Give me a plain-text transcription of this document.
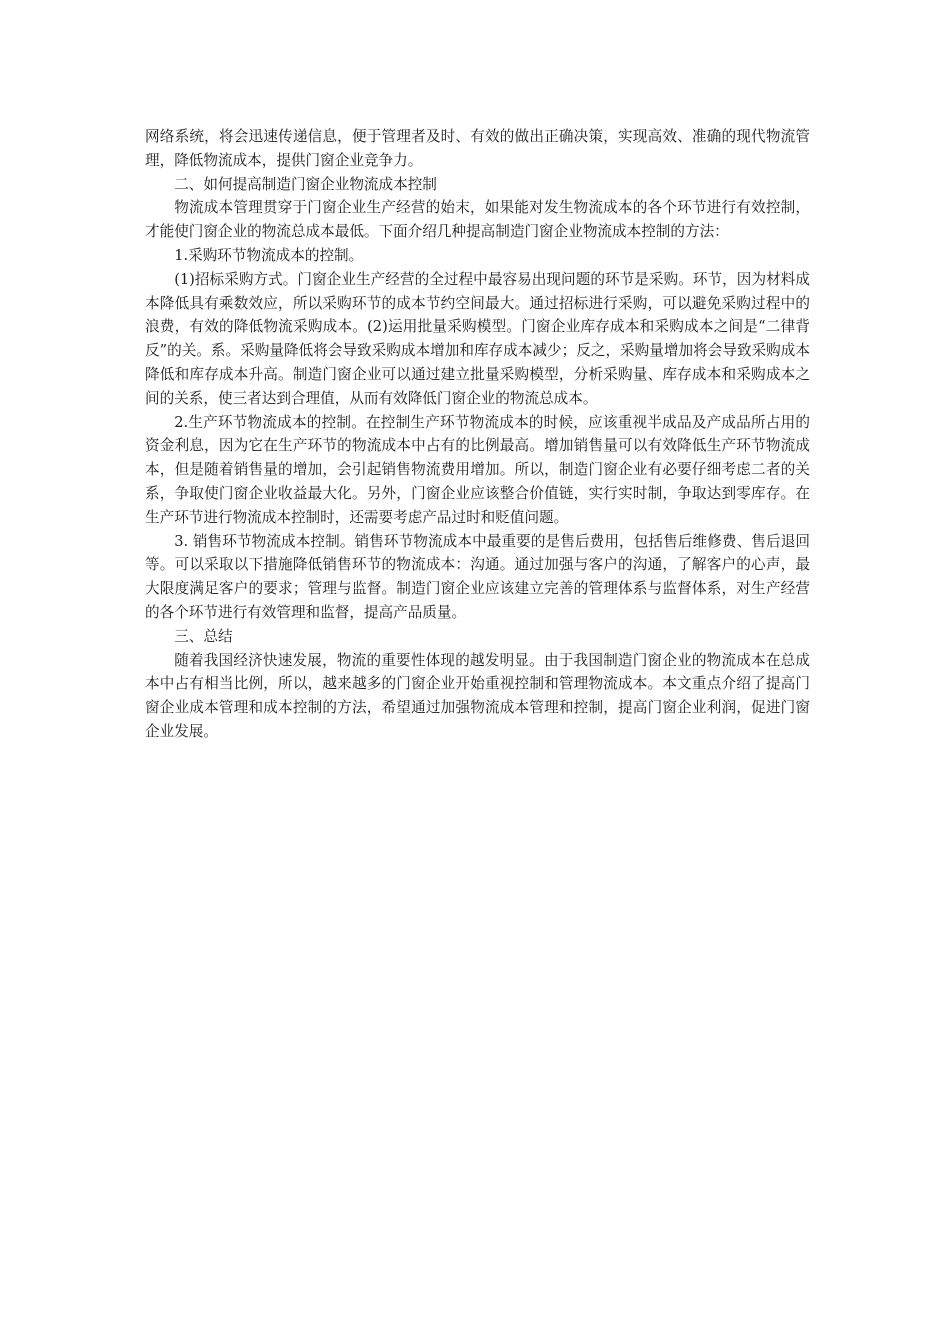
网络系统，将会迅速传递信息，便于管理者及时、有效的做出正确决策，实现高效、准确的现代物流管理，降低物流成本，提供门窗企业竞争力。

二、如何提高制造门窗企业物流成本控制

物流成本管理贯穿于门窗企业生产经营的始末，如果能对发生物流成本的各个环节进行有效控制，才能使门窗企业的物流总成本最低。下面介绍几种提高制造门窗企业物流成本控制的方法：

1.采购环节物流成本的控制。

(1)招标采购方式。门窗企业生产经营的全过程中最容易出现问题的环节是采购。环节，因为材料成本降低具有乘数效应，所以采购环节的成本节约空间最大。通过招标进行采购，可以避免采购过程中的浪费，有效的降低物流采购成本。(2)运用批量采购模型。门窗企业库存成本和采购成本之间是“二律背反”的关。系。采购量降低将会导致采购成本增加和库存成本减少；反之，采购量增加将会导致采购成本降低和库存成本升高。制造门窗企业可以通过建立批量采购模型，分析采购量、库存成本和采购成本之间的关系，使三者达到合理值，从而有效降低门窗企业的物流总成本。

2.生产环节物流成本的控制。在控制生产环节物流成本的时候，应该重视半成品及产成品所占用的资金利息，因为它在生产环节的物流成本中占有的比例最高。增加销售量可以有效降低生产环节物流成本，但是随着销售量的增加，会引起销售物流费用增加。所以，制造门窗企业有必要仔细考虑二者的关系，争取使门窗企业收益最大化。另外，门窗企业应该整合价值链，实行实时制，争取达到零库存。在生产环节进行物流成本控制时，还需要考虑产品过时和贬值问题。

3. 销售环节物流成本控制。销售环节物流成本中最重要的是售后费用，包括售后维修费、售后退回等。可以采取以下措施降低销售环节的物流成本：沟通。通过加强与客户的沟通，了解客户的心声，最大限度满足客户的要求；管理与监督。制造门窗企业应该建立完善的管理体系与监督体系，对生产经营的各个环节进行有效管理和监督，提高产品质量。

三、总结

随着我国经济快速发展，物流的重要性体现的越发明显。由于我国制造门窗企业的物流成本在总成本中占有相当比例，所以，越来越多的门窗企业开始重视控制和管理物流成本。本文重点介绍了提高门窗企业成本管理和成本控制的方法，希望通过加强物流成本管理和控制，提高门窗企业利润，促进门窗企业发展。
